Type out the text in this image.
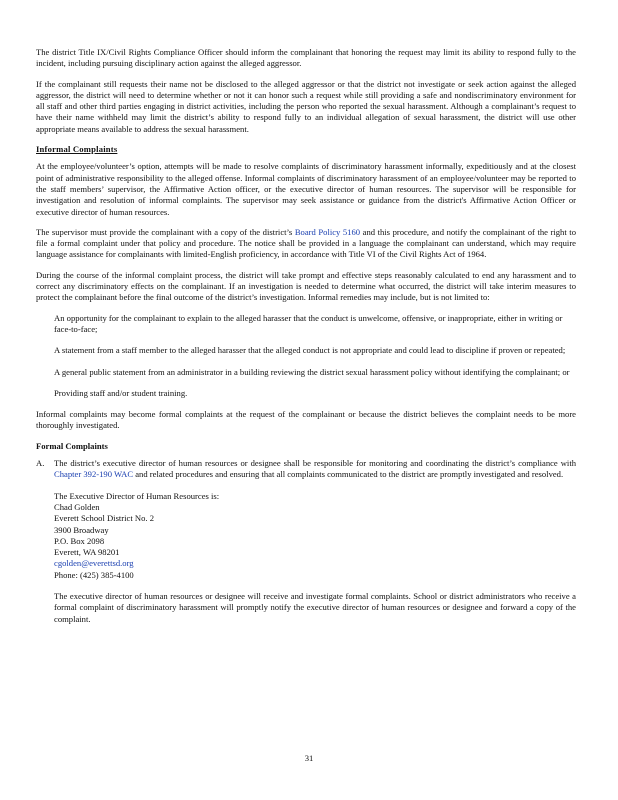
The district Title IX/Civil Rights Compliance Officer should inform the complainant that honoring the request may limit its ability to respond fully to the incident, including pursuing disciplinary action against the alleged aggressor.

If the complainant still requests their name not be disclosed to the alleged aggressor or that the district not investigate or seek action against the alleged aggressor, the district will need to determine whether or not it can honor such a request while still providing a safe and nondiscriminatory environment for all staff and other third parties engaging in district activities, including the person who reported the sexual harassment. Although a complainant’s request to have their name withheld may limit the district’s ability to respond fully to an individual allegation of sexual harassment, the district will use other appropriate means available to address the sexual harassment.

Informal Complaints

At the employee/volunteer’s option, attempts will be made to resolve complaints of discriminatory harassment informally, expeditiously and at the closest point of administrative responsibility to the alleged offense. Informal complaints of discriminatory harassment of an employee/volunteer may be reported to the staff members’ supervisor, the Affirmative Action officer, or the executive director of human resources. The supervisor will be responsible for investigation and resolution of informal complaints. The supervisor may seek assistance or guidance from the district's Affirmative Action Officer or executive director of human resources.

The supervisor must provide the complainant with a copy of the district’s Board Policy 5160 and this procedure, and notify the complainant of the right to file a formal complaint under that policy and procedure. The notice shall be provided in a language the complainant can understand, which may require language assistance for complainants with limited-English proficiency, in accordance with Title VI of the Civil Rights Act of 1964.

During the course of the informal complaint process, the district will take prompt and effective steps reasonably calculated to end any harassment and to correct any discriminatory effects on the complainant. If an investigation is needed to determine what occurred, the district will take interim measures to protect the complainant before the final outcome of the district’s investigation. Informal remedies may include, but is not limited to:

An opportunity for the complainant to explain to the alleged harasser that the conduct is unwelcome, offensive, or inappropriate, either in writing or face-to-face;
A statement from a staff member to the alleged harasser that the alleged conduct is not appropriate and could lead to discipline if proven or repeated;
A general public statement from an administrator in a building reviewing the district sexual harassment policy without identifying the complainant; or
Providing staff and/or student training.

Informal complaints may become formal complaints at the request of the complainant or because the district believes the complaint needs to be more thoroughly investigated.

Formal Complaints
A. The district’s executive director of human resources or designee shall be responsible for monitoring and coordinating the district’s compliance with Chapter 392-190 WAC and related procedures and ensuring that all complaints communicated to the district are promptly investigated and resolved.

The Executive Director of Human Resources is:
Chad Golden
Everett School District No. 2
3900 Broadway
P.O. Box 2098
Everett, WA 98201
cgolden@everettsd.org
Phone: (425) 385-4100

The executive director of human resources or designee will receive and investigate formal complaints. School or district administrators who receive a formal complaint of discriminatory harassment will promptly notify the executive director of human resources or designee and forward a copy of the complaint.

31
